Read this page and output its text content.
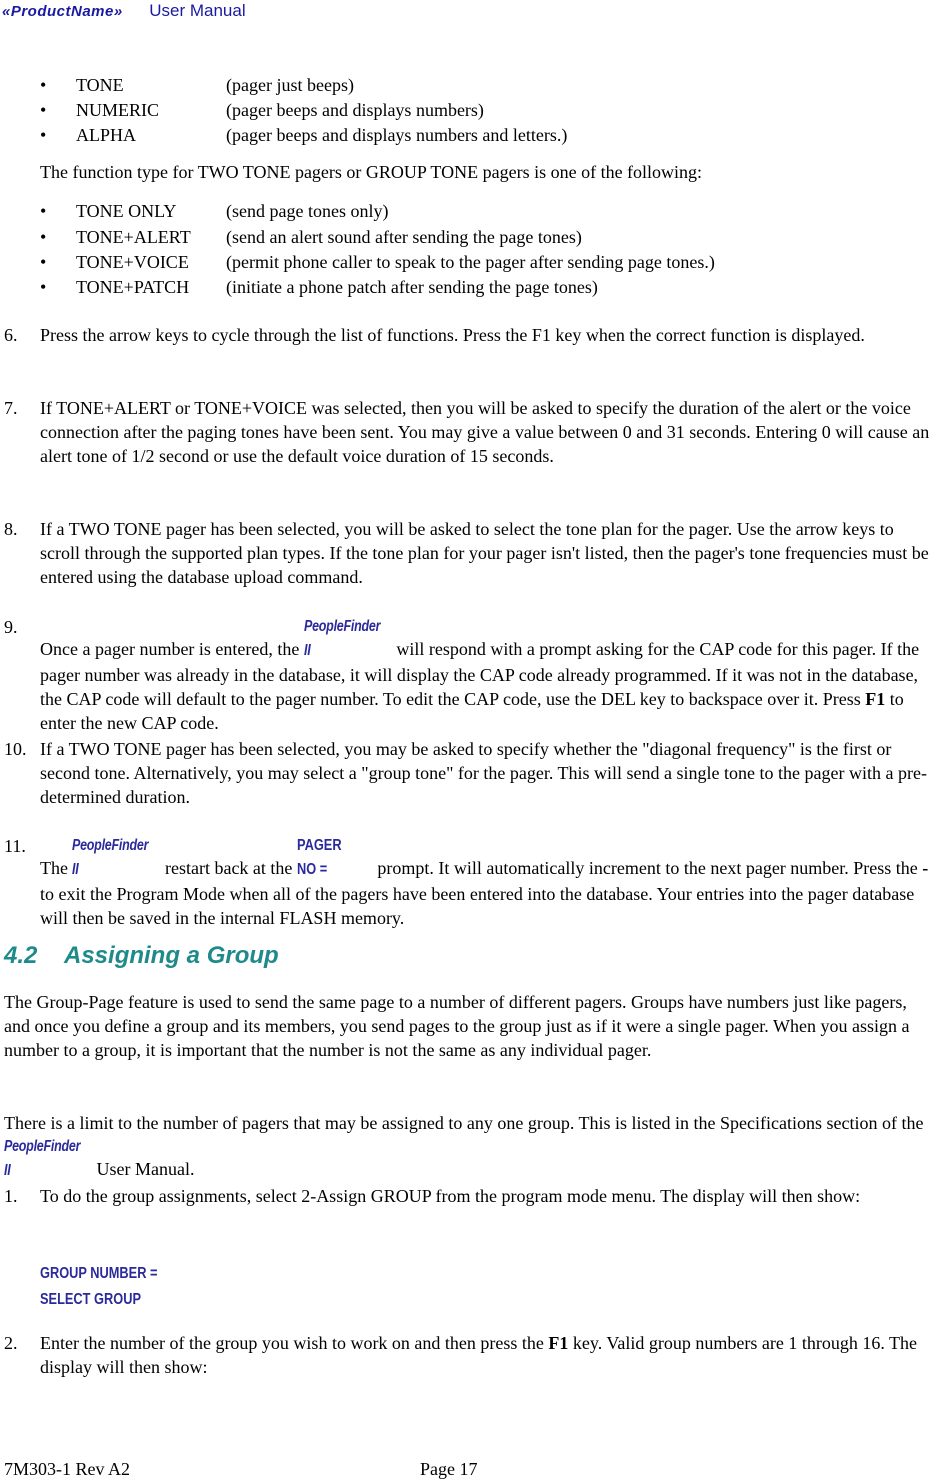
«ProductName» User Manual
• TONE	(pager just beeps)
• NUMERIC	(pager beeps and displays numbers)
• ALPHA	(pager beeps and displays numbers and letters.)
The function type for TWO TONE pagers or GROUP TONE pagers is one of the following:
• TONE ONLY	(send page tones only)
• TONE+ALERT (send an alert sound after sending the page tones)
• TONE+VOICE (permit phone caller to speak to the pager after sending page tones.)
• TONE+PATCH (initiate a phone patch after sending the page tones)
6. Press the arrow keys to cycle through the list of functions. Press the F1 key when the correct function is displayed.
7. If TONE+ALERT or TONE+VOICE was selected, then you will be asked to specify the duration of the alert or the voice connection after the paging tones have been sent. You may give a value between 0 and 31 seconds. Entering 0 will cause an alert tone of 1/2 second or use the default voice duration of 15 seconds.
8. If a TWO TONE pager has been selected, you will be asked to select the tone plan for the pager. Use the arrow keys to scroll through the supported plan types. If the tone plan for your pager isn't listed, then the pager's tone frequencies must be entered using the database upload command.
9.
Once a pager number is entered, the PeopleFinder II	will respond with a prompt asking for the CAP code for this pager. If the pager number was already in the database, it will display the CAP code already programmed. If it was not in the database, the CAP code will default to the pager number. To edit the CAP code, use the DEL key to backspace over it. Press F1 to enter the new CAP code.
10. If a TWO TONE pager has been selected, you may be asked to specify whether the "diagonal frequency" is the first or second tone. Alternatively, you may select a "group tone" for the pager. This will send a single tone to the pager with a pre-determined duration.
11.
The PeopleFinder II	restart back at the PAGER NO =	prompt. It will automatically increment to the next pager number. Press the - to exit the Program Mode when all of the pagers have been entered into the database. Your entries into the pager database will then be saved in the internal FLASH memory.
4.2 Assigning a Group
The Group-Page feature is used to send the same page to a number of different pagers. Groups have numbers just like pagers, and once you define a group and its members, you send pages to the group just as if it were a single pager. When you assign a number to a group, it is important that the number is not the same as any individual pager.
There is a limit to the number of pagers that may be assigned to any one group. This is listed in the Specifications section of the PeopleFinder II	User Manual.
1. To do the group assignments, select 2-Assign GROUP from the program mode menu. The display will then show:
GROUP NUMBER =
SELECT GROUP
2. Enter the number of the group you wish to work on and then press the F1 key. Valid group numbers are 1 through 16. The display will then show:
7M303-1 Rev A2	Page 17
